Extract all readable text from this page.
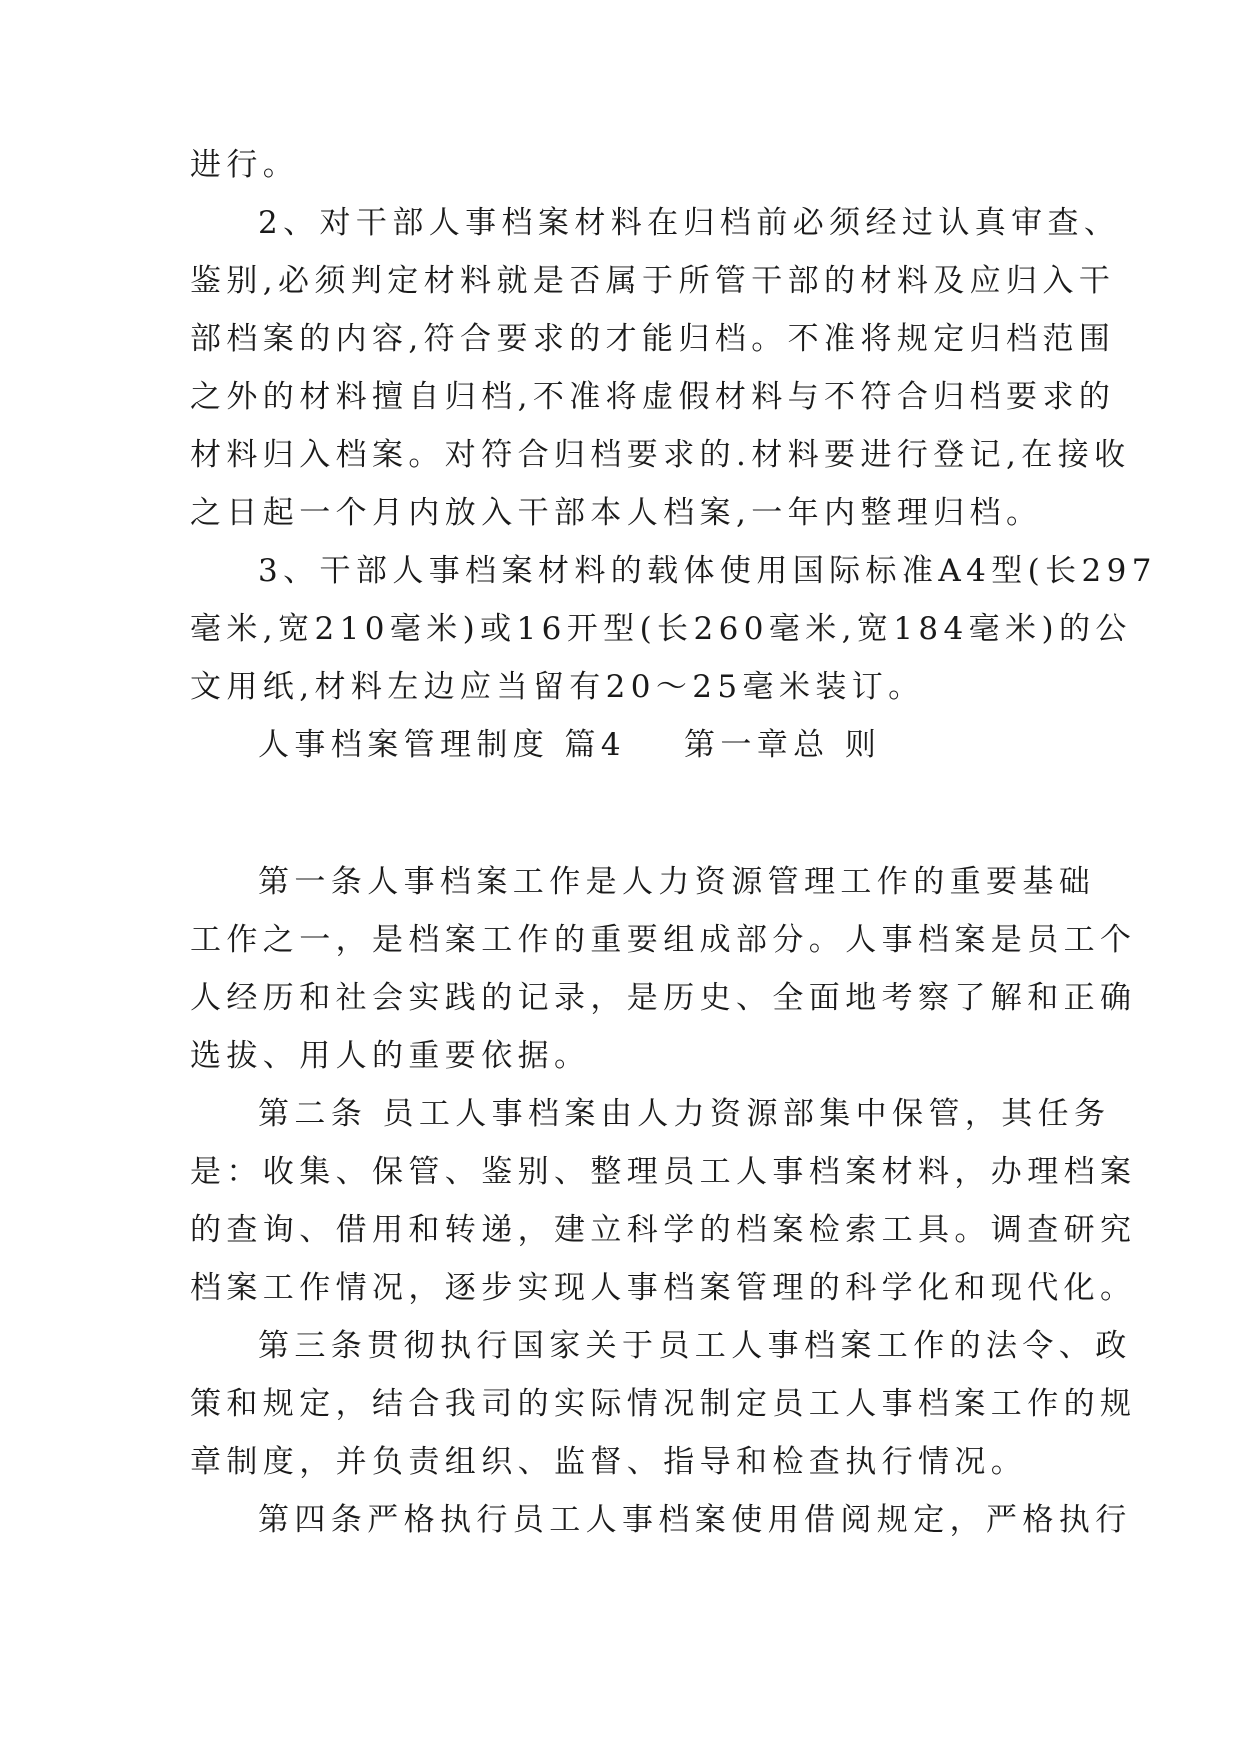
进行。
2、对干部人事档案材料在归档前必须经过认真审查、
鉴别,必须判定材料就是否属于所管干部的材料及应归入干
部档案的内容,符合要求的才能归档。不准将规定归档范围
之外的材料擅自归档,不准将虚假材料与不符合归档要求的
材料归入档案。对符合归档要求的.材料要进行登记,在接收
之日起一个月内放入干部本人档案,一年内整理归档。
3、干部人事档案材料的载体使用国际标准A4型(长297
毫米,宽210毫米)或16开型(长260毫米,宽184毫米)的公
文用纸,材料左边应当留有20～25毫米装订。
人事档案管理制度 篇4 第一章总 则
第一条人事档案工作是人力资源管理工作的重要基础
工作之一，是档案工作的重要组成部分。人事档案是员工个
人经历和社会实践的记录，是历史、全面地考察了解和正确
选拔、用人的重要依据。
第二条 员工人事档案由人力资源部集中保管，其任务
是：收集、保管、鉴别、整理员工人事档案材料，办理档案
的查询、借用和转递，建立科学的档案检索工具。调查研究
档案工作情况，逐步实现人事档案管理的科学化和现代化。
第三条贯彻执行国家关于员工人事档案工作的法令、政
策和规定，结合我司的实际情况制定员工人事档案工作的规
章制度，并负责组织、监督、指导和检查执行情况。
第四条严格执行员工人事档案使用借阅规定，严格执行
